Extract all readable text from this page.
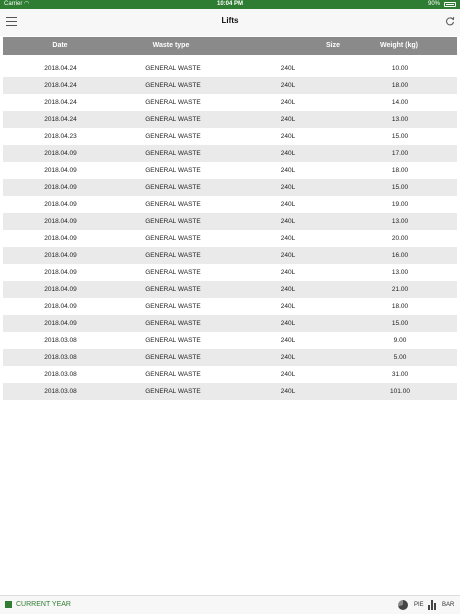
Carrier ◠	10:04 PM	90%
Lifts
Date	Waste type	Size	Weight (kg)
2018.04.24	GENERAL WASTE	240L	10.00
2018.04.24	GENERAL WASTE	240L	18.00
2018.04.24	GENERAL WASTE	240L	14.00
2018.04.24	GENERAL WASTE	240L	13.00
2018.04.23	GENERAL WASTE	240L	15.00
2018.04.09	GENERAL WASTE	240L	17.00
2018.04.09	GENERAL WASTE	240L	18.00
2018.04.09	GENERAL WASTE	240L	15.00
2018.04.09	GENERAL WASTE	240L	19.00
2018.04.09	GENERAL WASTE	240L	13.00
2018.04.09	GENERAL WASTE	240L	20.00
2018.04.09	GENERAL WASTE	240L	16.00
2018.04.09	GENERAL WASTE	240L	13.00
2018.04.09	GENERAL WASTE	240L	21.00
2018.04.09	GENERAL WASTE	240L	18.00
2018.04.09	GENERAL WASTE	240L	15.00
2018.03.08	GENERAL WASTE	240L	9.00
2018.03.08	GENERAL WASTE	240L	5.00
2018.03.08	GENERAL WASTE	240L	31.00
2018.03.08	GENERAL WASTE	240L	101.00
CURRENT YEAR	PIE	BAR
